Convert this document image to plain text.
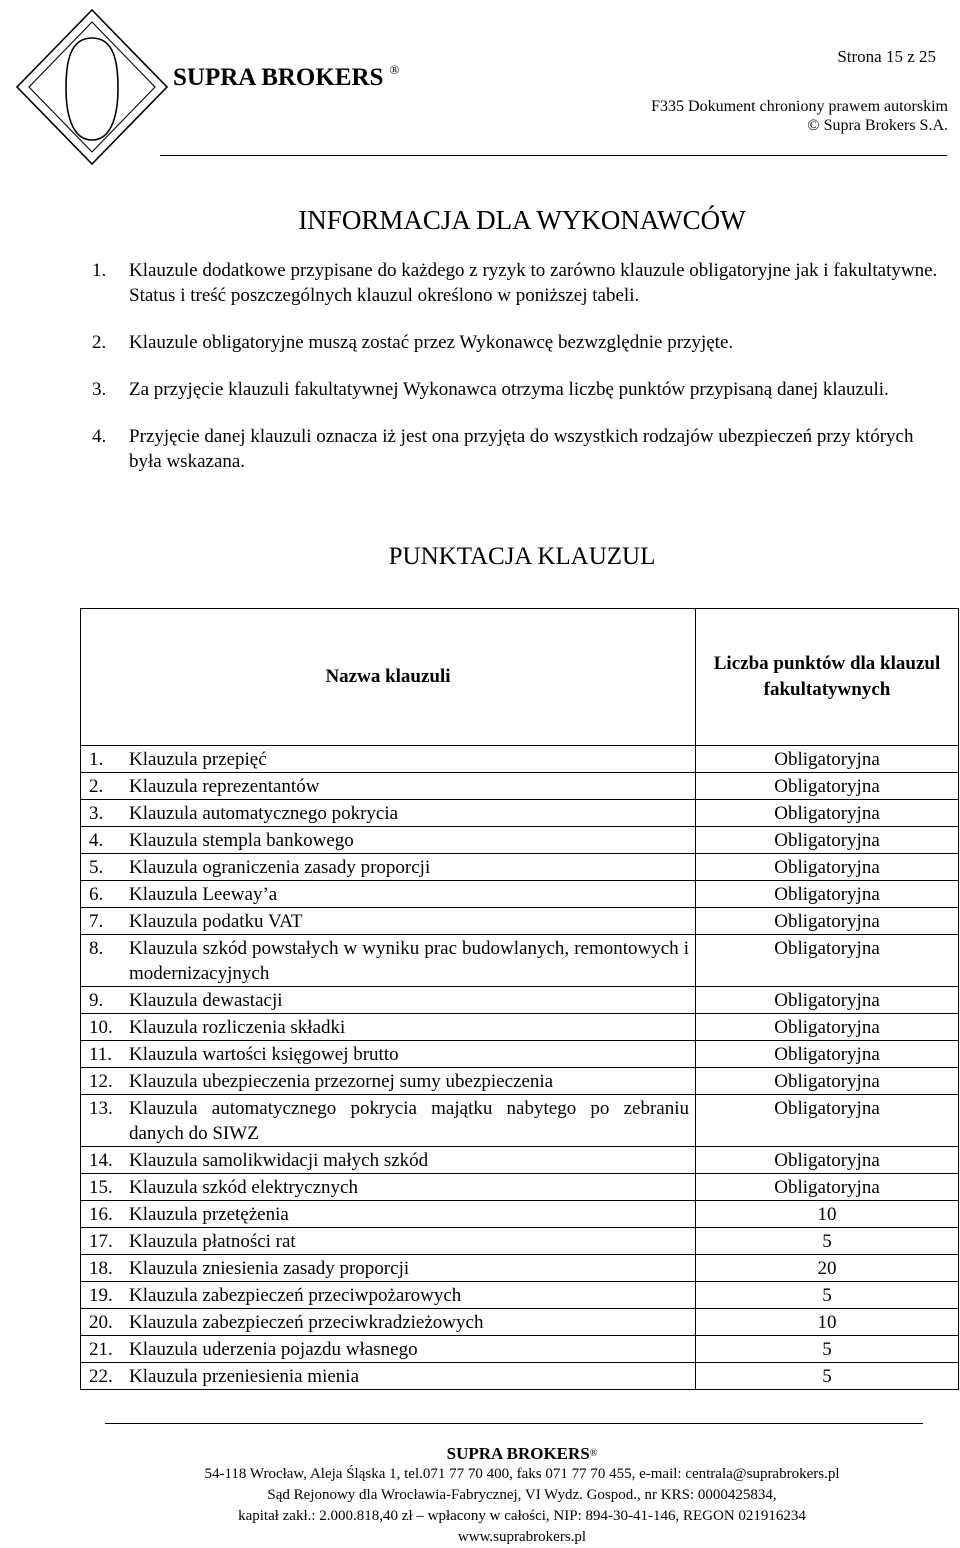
SUPRA BROKERS ®
Strona 15 z 25
F335 Dokument chroniony prawem autorskim
© Supra Brokers S.A.
INFORMACJA DLA WYKONAWCÓW
1. Klauzule dodatkowe przypisane do każdego z ryzyk to zarówno klauzule obligatoryjne jak i fakultatywne. Status i treść poszczególnych klauzul określono w poniższej tabeli.
2. Klauzule obligatoryjne muszą zostać przez Wykonawcę bezwzględnie przyjęte.
3. Za przyjęcie klauzuli fakultatywnej Wykonawca otrzyma liczbę punktów przypisaną danej klauzuli.
4. Przyjęcie danej klauzuli oznacza iż jest ona przyjęta do wszystkich rodzajów ubezpieczeń przy których była wskazana.
PUNKTACJA KLAUZUL
Nazwa klauzuli	Liczba punktów dla klauzul fakultatywnych

1. Klauzula przepięć	Obligatoryjna

2. Klauzula reprezentantów	Obligatoryjna

3. Klauzula automatycznego pokrycia	Obligatoryjna

4. Klauzula stempla bankowego	Obligatoryjna

5. Klauzula ograniczenia zasady proporcji	Obligatoryjna

6. Klauzula Leeway’a	Obligatoryjna

7. Klauzula podatku VAT	Obligatoryjna

8. Klauzula szkód powstałych w wyniku prac budowlanych, remontowych i modernizacyjnych	Obligatoryjna

9. Klauzula dewastacji	Obligatoryjna

10. Klauzula rozliczenia składki	Obligatoryjna

11. Klauzula wartości księgowej brutto	Obligatoryjna

12. Klauzula ubezpieczenia przezornej sumy ubezpieczenia	Obligatoryjna

13. Klauzula automatycznego pokrycia majątku nabytego po zebraniu danych do SIWZ	Obligatoryjna

14. Klauzula samolikwidacji małych szkód	Obligatoryjna

15. Klauzula szkód elektrycznych	Obligatoryjna

16. Klauzula przetężenia	10

17. Klauzula płatności rat	5

18. Klauzula zniesienia zasady proporcji	20

19. Klauzula zabezpieczeń przeciwpożarowych	5

20. Klauzula zabezpieczeń przeciwkradzieżowych	10

21. Klauzula uderzenia pojazdu własnego	5

22. Klauzula przeniesienia mienia	5
SUPRA BROKERS®
54-118 Wrocław, Aleja Śląska 1, tel.071 77 70 400, faks 071 77 70 455, e-mail: centrala@suprabrokers.pl
Sąd Rejonowy dla Wrocławia-Fabrycznej, VI Wydz. Gospod., nr KRS: 0000425834,
kapitał zakł.: 2.000.818,40 zł – wpłacony w całości, NIP: 894-30-41-146, REGON 021916234
www.suprabrokers.pl
